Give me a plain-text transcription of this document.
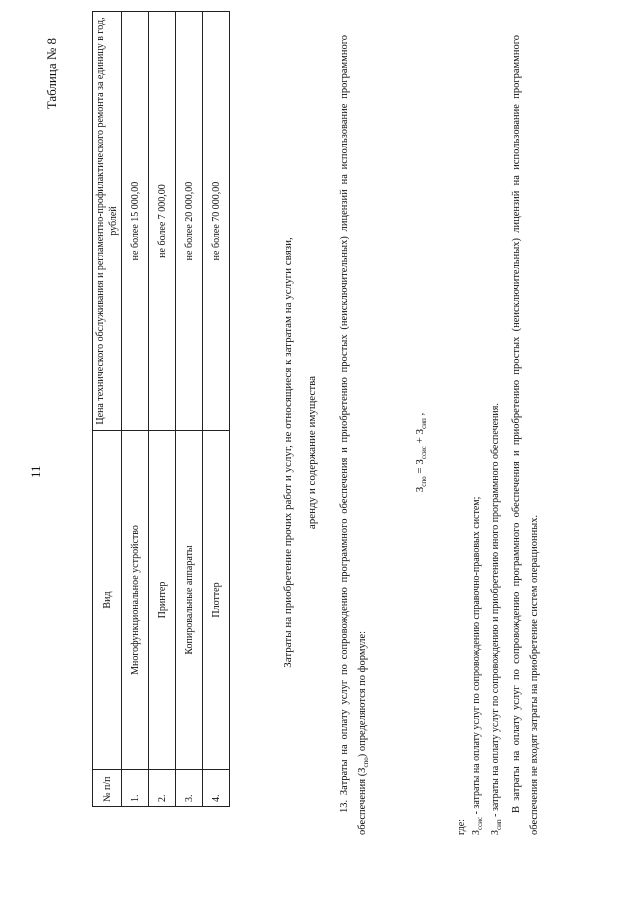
11
Таблица № 8
№ п/п	Вид	Цена технического обслуживания и регламентно-профилактического ремонта за единицу в год, рублей
1.	Многофункциональное устройство	не более 15 000,00
2.	Принтер	не более 7 000,00
3.	Копировальные аппараты	не более 20 000,00
4.	Плоттер	не более 70 000,00
Затраты на приобретение прочих работ и услуг, не относящиеся к затратам на услуги связи,	аренду и содержание имущества	13. Затраты на оплату услуг по сопровождению программного обеспечения и приобретению простых (неисключительных) лицензий на использование программного обеспечения $(З_{спо})$ определяются по формуле:
$З_{спо} = З_{ссис} + З_{сип}$ ,
где: $З_{ссис}$ - затраты на оплату услуг по сопровождению справочно-правовых систем;
$З_{сип}$ - затраты на оплату услуг по сопровождению и приобретению иного программного обеспечения. В затраты на оплату услуг по сопровождению программного обеспечения и приобретению простых (неисключительных) лицензий на использование программного обеспечения не входят затраты на приобретение систем операционных.
